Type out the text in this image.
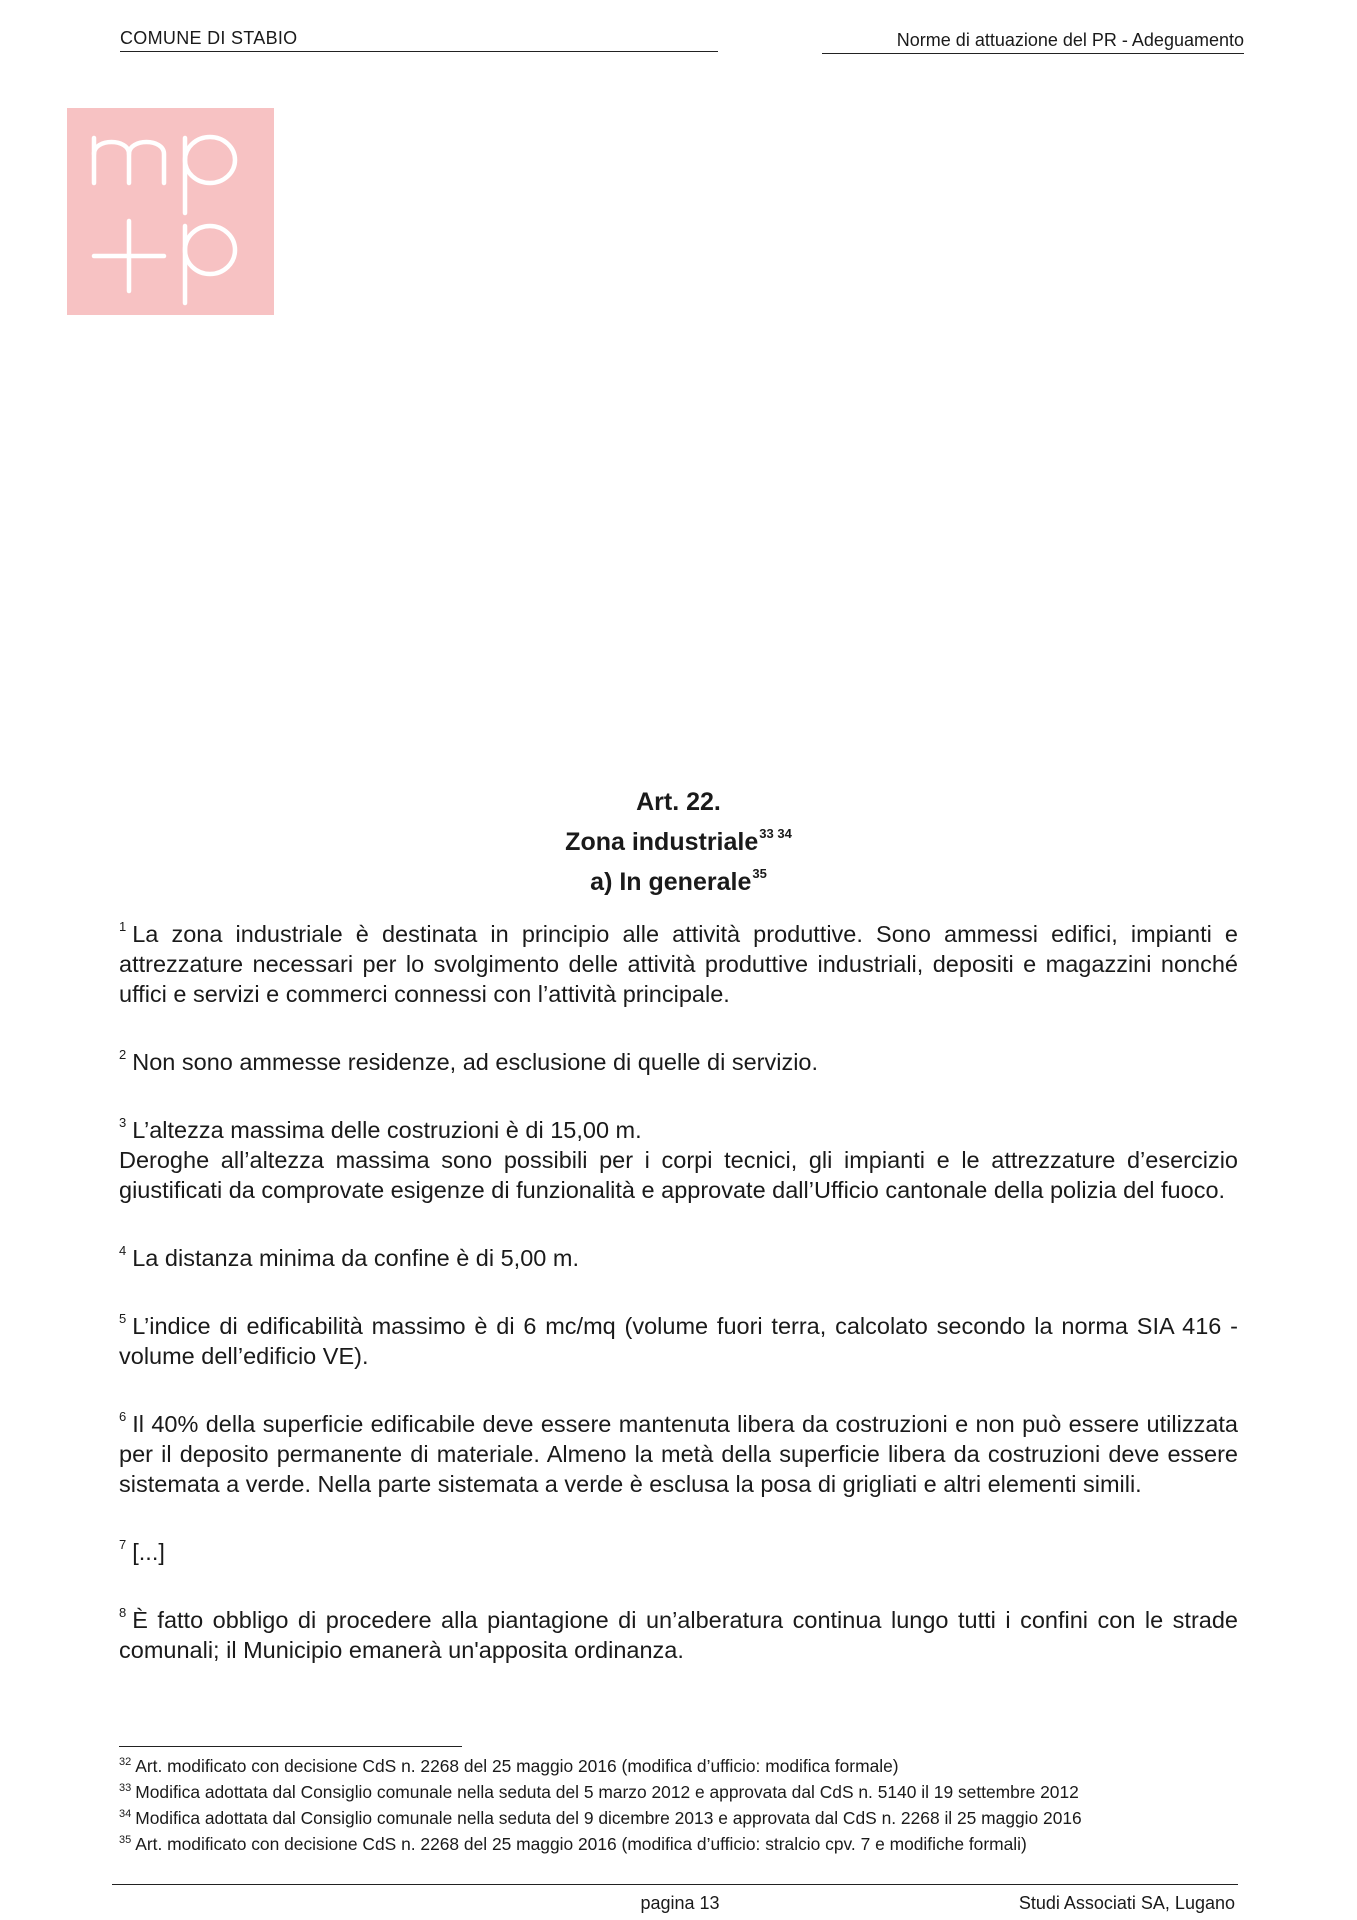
COMUNE DI STABIO	Norme di attuazione del PR - Adeguamento
Art. 22.
Zona industriale$^{33 34}$
a) In generale$^{35}$

$^1$ La zona industriale è destinata in principio alle attività produttive. Sono ammessi edifici, impianti e attrezzature necessari per lo svolgimento delle attività produttive industriali, depositi e magazzini nonché uffici e servizi e commerci connessi con l’attività principale.

$^2$ Non sono ammesse residenze, ad esclusione di quelle di servizio.

$^3$ L’altezza massima delle costruzioni è di 15,00 m.
Deroghe all’altezza massima sono possibili per i corpi tecnici, gli impianti e le attrezzature d’esercizio giustificati da comprovate esigenze di funzionalità e approvate dall’Ufficio cantonale della polizia del fuoco.

$^4$ La distanza minima da confine è di 5,00 m.

$^5$ L’indice di edificabilità massimo è di 6 mc/mq (volume fuori terra, calcolato secondo la norma SIA 416 - volume dell’edificio VE).

$^6$ Il 40% della superficie edificabile deve essere mantenuta libera da costruzioni e non può essere utilizzata per il deposito permanente di materiale. Almeno la metà della superficie libera da costruzioni deve essere sistemata a verde. Nella parte sistemata a verde è esclusa la posa di grigliati e altri elementi simili.

$^7$ [...]

$^8$ È fatto obbligo di procedere alla piantagione di un’alberatura continua lungo tutti i confini con le strade comunali; il Municipio emanerà un'apposita ordinanza.

$^{32}$ Art. modificato con decisione CdS n. 2268 del 25 maggio 2016 (modifica d’ufficio: modifica formale)
$^{33}$ Modifica adottata dal Consiglio comunale nella seduta del 5 marzo 2012 e approvata dal CdS n. 5140 il 19 settembre 2012
$^{34}$ Modifica adottata dal Consiglio comunale nella seduta del 9 dicembre 2013 e approvata dal CdS n. 2268 il 25 maggio 2016
$^{35}$ Art. modificato con decisione CdS n. 2268 del 25 maggio 2016 (modifica d’ufficio: stralcio cpv. 7 e modifiche formali)
pagina 13	Studi Associati SA, Lugano
